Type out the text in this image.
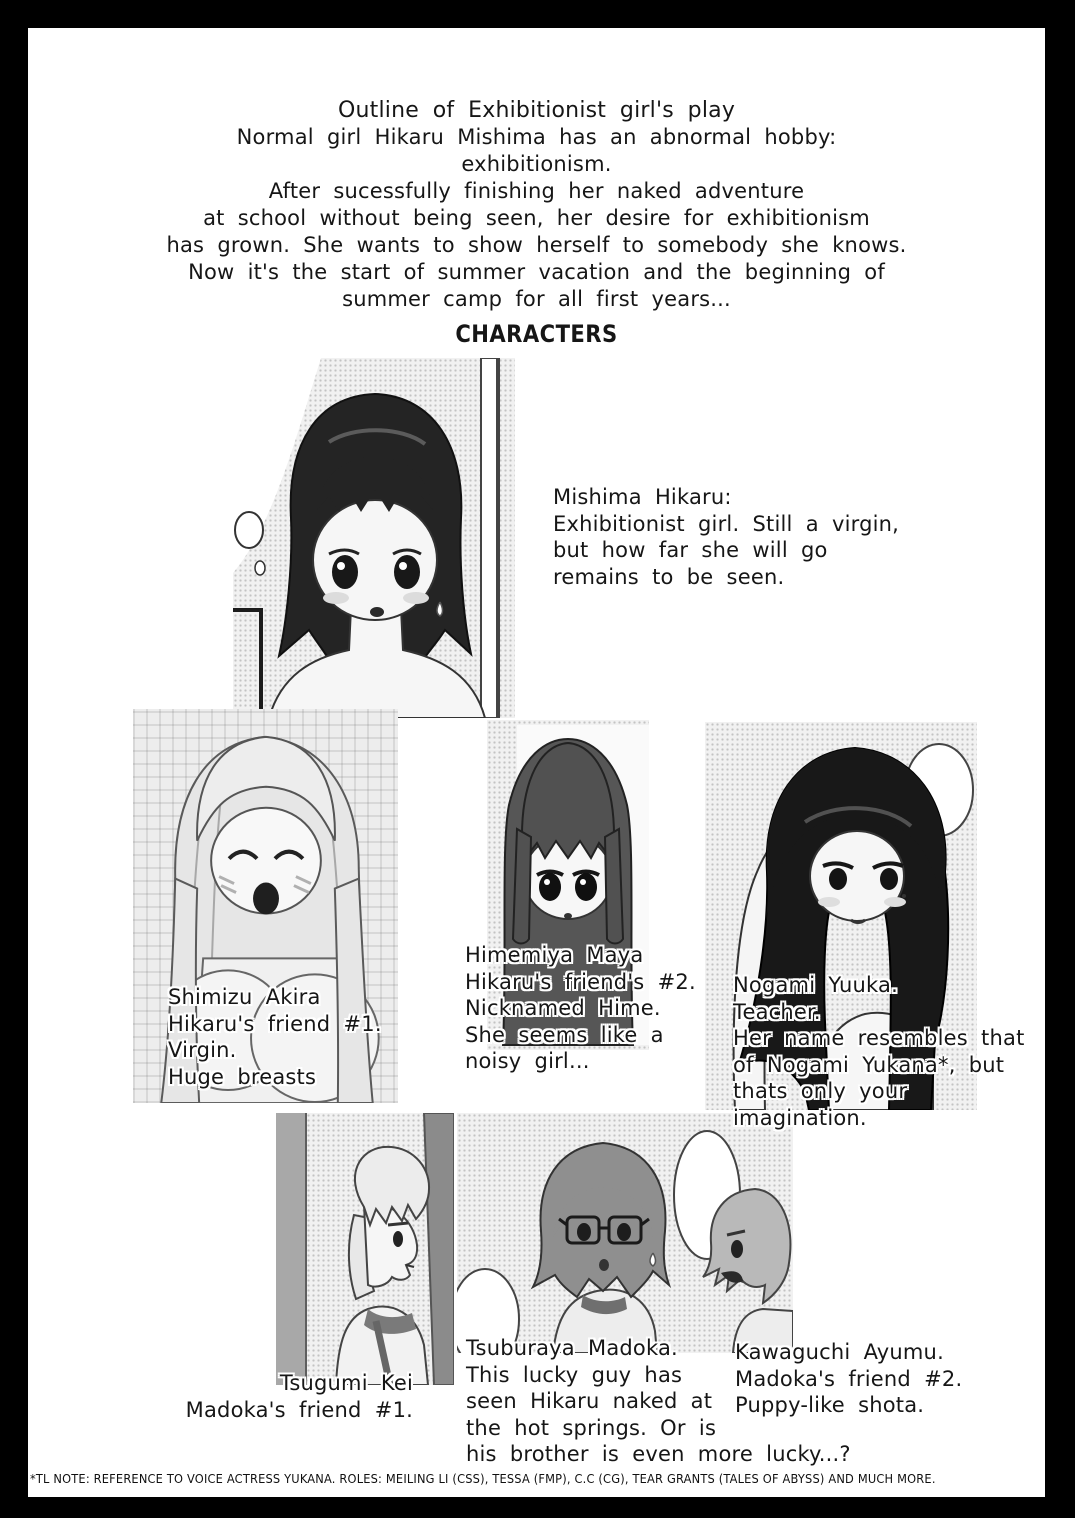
Outline of Exhibitionist girl's play
Normal girl Hikaru Mishima has an abnormal hobby:
exhibitionism.
After sucessfully finishing her naked adventure
at school without being seen, her desire for exhibitionism
has grown. She wants to show herself to somebody she knows.
Now it's the start of summer vacation and the beginning of
summer camp for all first years...
CHARACTERS
Mishima Hikaru:
Exhibitionist girl. Still a virgin,
but how far she will go
remains to be seen.
Shimizu Akira
Hikaru's friend #1.
Virgin.
Huge breasts
Himemiya Maya
Hikaru's friend's #2.
Nicknamed Hime.
She seems like a
noisy girl...
Nogami Yuuka.
Teacher.
Her name resembles that
of Nogami Yukana*, but
thats only your imagination.
Tsugumi Kei
Madoka's friend #1.
Tsuburaya Madoka.
This lucky guy has
seen Hikaru naked at
the hot springs. Or is
his brother is even more lucky...?
Kawaguchi Ayumu.
Madoka's friend #2.
Puppy-like shota.
*TL NOTE: REFERENCE TO VOICE ACTRESS YUKANA. ROLES: MEILING LI (CSS), TESSA (FMP), C.C (CG), TEAR GRANTS (TALES OF ABYSS) AND MUCH MORE.
